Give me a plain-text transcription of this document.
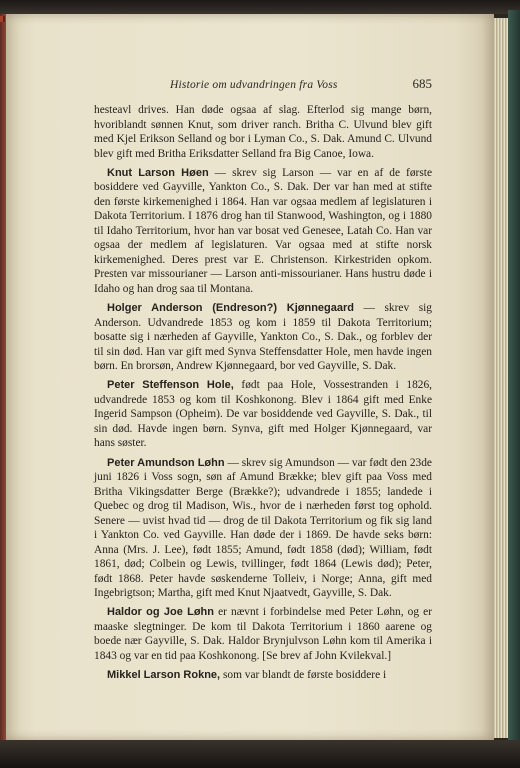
Historie om udvandringen fra Voss	685

hesteavl drives. Han døde ogsaa af slag. Efterlod sig mange børn, hvoriblandt sønnen Knut, som driver ranch. Britha C. Ulvund blev gift med Kjel Erikson Selland og bor i Lyman Co., S. Dak. Amund C. Ulvund blev gift med Britha Eriksdatter Selland fra Big Canoe, Iowa.

Knut Larson Høen — skrev sig Larson — var en af de første bosiddere ved Gayville, Yankton Co., S. Dak. Der var han med at stifte den første kirkemenighed i 1864. Han var ogsaa medlem af legislaturen i Dakota Territorium. I 1876 drog han til Stanwood, Washington, og i 1880 til Idaho Territorium, hvor han var bosat ved Genesee, Latah Co. Han var ogsaa der medlem af legislaturen. Var ogsaa med at stifte norsk kirkemenighed. Deres prest var E. Christenson. Kirkestriden opkom. Presten var missourianer — Larson anti-missourianer. Hans hustru døde i Idaho og han drog saa til Montana.

Holger Anderson (Endreson?) Kjønnegaard — skrev sig Anderson. Udvandrede 1853 og kom i 1859 til Dakota Territorium; bosatte sig i nærheden af Gayville, Yankton Co., S. Dak., og forblev der til sin død. Han var gift med Synva Steffensdatter Hole, men havde ingen børn. En brorsøn, Andrew Kjønnegaard, bor ved Gayville, S. Dak.

Peter Steffenson Hole, født paa Hole, Vossestranden i 1826, udvandrede 1853 og kom til Koshkonong. Blev i 1864 gift med Enke Ingerid Sampson (Opheim). De var bosiddende ved Gayville, S. Dak., til sin død. Havde ingen børn. Synva, gift med Holger Kjønnegaard, var hans søster.

Peter Amundson Løhn — skrev sig Amundson — var født den 23de juni 1826 i Voss sogn, søn af Amund Brække; blev gift paa Voss med Britha Vikingsdatter Berge (Brække?); udvandrede i 1855; landede i Quebec og drog til Madison, Wis., hvor de i nærheden først tog ophold. Senere — uvist hvad tid — drog de til Dakota Territorium og fik sig land i Yankton Co. ved Gayville. Han døde der i 1869. De havde seks børn: Anna (Mrs. J. Lee), født 1855; Amund, født 1858 (død); William, født 1861, død; Colbein og Lewis, tvillinger, født 1864 (Lewis død); Peter, født 1868. Peter havde søskenderne Tolleiv, i Norge; Anna, gift med Ingebrigtson; Martha, gift med Knut Njaatvedt, Gayville, S. Dak.

Haldor og Joe Løhn er nævnt i forbindelse med Peter Løhn, og er maaske slegtninger. De kom til Dakota Territorium i 1860 aarene og boede nær Gayville, S. Dak. Haldor Brynjulvson Løhn kom til Amerika i 1843 og var en tid paa Koshkonong. [Se brev af John Kvilekval.]

Mikkel Larson Rokne, som var blandt de første bosiddere i
